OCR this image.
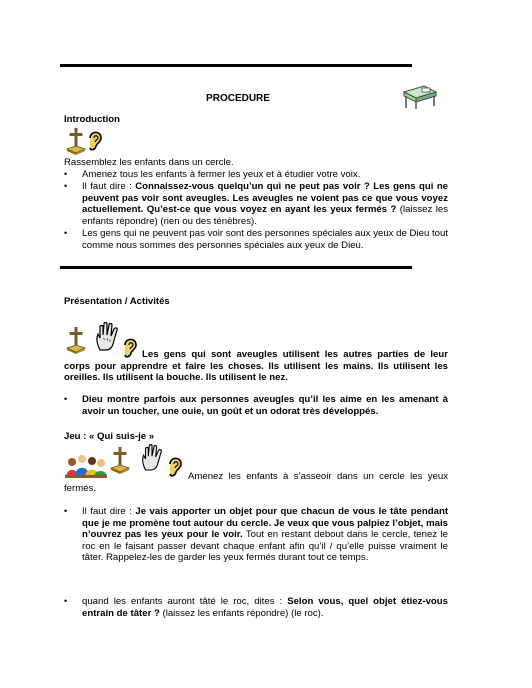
PROCEDURE
Introduction
Rassemblez les enfants dans un cercle.
• Amenez tous les enfants à fermer les yeux et à étudier votre voix.
• Il faut dire : Connaissez-vous quelqu’un qui ne peut pas voir ? Les gens qui ne peuvent pas voir sont aveugles. Les aveugles ne voient pas ce que vous voyez actuellement. Qu’est-ce que vous voyez en ayant les yeux fermés ? (laissez les enfants répondre) (rien ou des ténèbres).
• Les gens qui ne peuvent pas voir sont des personnes spéciales aux yeux de Dieu tout comme nous sommes des personnes spéciales aux yeux de Dieu.
Présentation / Activités
Les gens qui sont aveugles utilisent les autres parties de leur corps pour apprendre et faire les choses. Ils utilisent les mains. Ils utilisent les oreilles. Ils utilisent la bouche. Ils utilisent le nez.
• Dieu montre parfois aux personnes aveugles qu’il les aime en les amenant à avoir un toucher, une ouie, un goût et un odorat très développés.
Jeu : « Qui suis-je »
Amenez les enfants à s’asseoir dans un cercle les yeux fermés.
• Il faut dire : Je vais apporter un objet pour que chacun de vous le tâte pendant que je me promène tout autour du cercle. Je veux que vous palpiez l’objet, mais n’ouvrez pas les yeux pour le voir. Tout en restant debout dans le cercle, tenez le roc en le faisant passer devant chaque enfant afin qu’il / qu’elle puisse vraiment le tâter. Rappelez-les de garder les yeux fermés durant tout ce temps.
• quand les enfants auront tâté le roc, dites : Selon vous, quel objet étiez-vous entrain de tâter ? (laissez les enfants répondre) (le roc).
